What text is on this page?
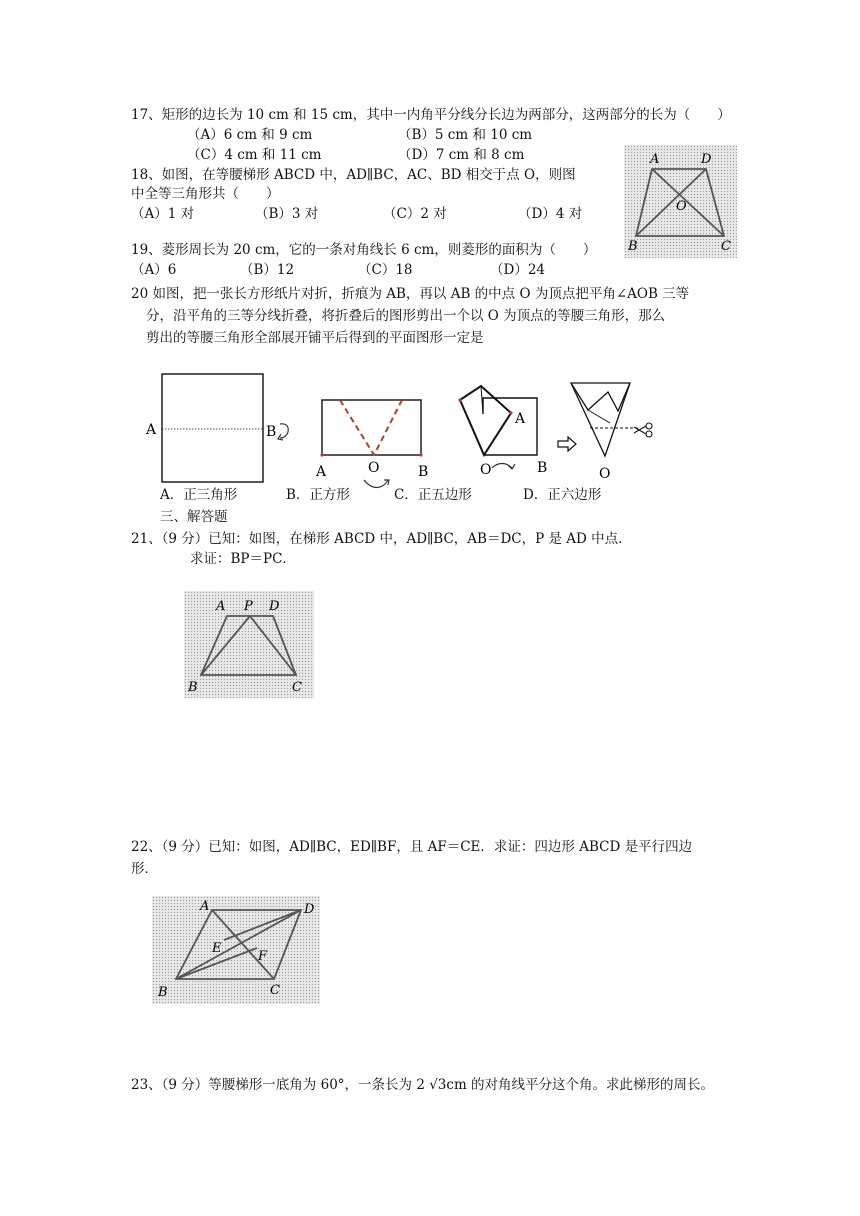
17、矩形的边长为 10 cm 和 15 cm，其中一内角平分线分长边为两部分，这两部分的长为（　　）
（A）6 cm 和 9 cm	（B）5 cm 和 10 cm
（C）4 cm 和 11 cm	（D）7 cm 和 8 cm
18、如图，在等腰梯形 ABCD 中，AD∥BC，AC、BD 相交于点 O，则图
中全等三角形共（　　）
（A）1 对	（B）3 对	（C）2 对	（D）4 对
A	D
O
B	C
19、菱形周长为 20 cm，它的一条对角线长 6 cm，则菱形的面积为（　　）
（A）6	（B）12	（C）18	（D）24
20 如图，把一张长方形纸片对折，折痕为 AB，再以 AB 的中点 O 为顶点把平角∠AOB 三等
分，沿平角的三等分线折叠，将折叠后的图形剪出一个以 O 为顶点的等腰三角形，那么
剪出的等腰三角形全部展开铺平后得到的平面图形一定是
A	B
A	O	B
A
O	B	O
A．正三角形	B．正方形	C．正五边形	D．正六边形
三、解答题
21、（9 分）已知：如图，在梯形 ABCD 中，AD∥BC，AB＝DC，P 是 AD 中点．
求证：BP＝PC．
A P D
B	C
22、（9 分）已知：如图，AD∥BC，ED∥BF，且 AF＝CE．求证：四边形 ABCD 是平行四边
形．
A	D
E
F
B	C
23、（9 分）等腰梯形一底角为 60°，一条长为 2 √3cm 的对角线平分这个角。求此梯形的周长。
